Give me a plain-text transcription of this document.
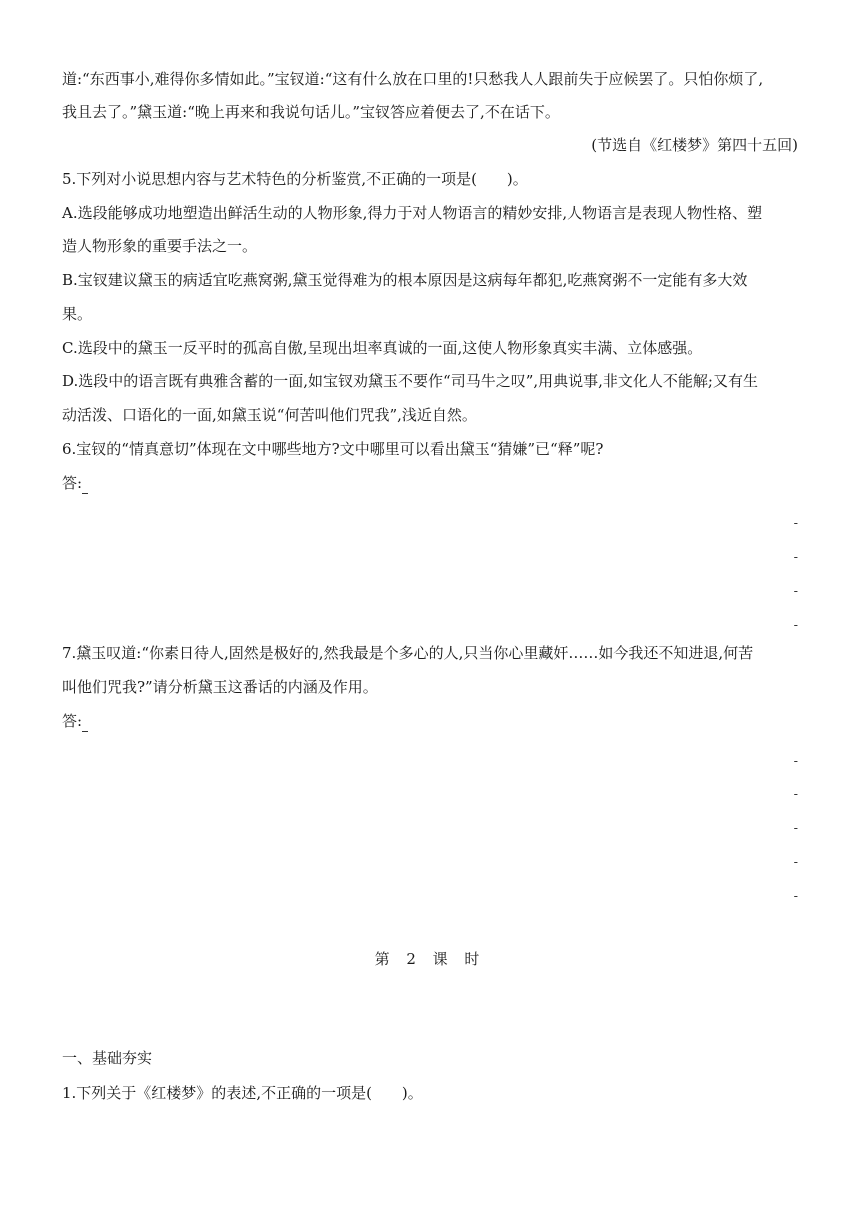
道:“东西事小,难得你多情如此。”宝钗道:“这有什么放在口里的!只愁我人人跟前失于应候罢了。只怕你烦了,
我且去了。”黛玉道:“晚上再来和我说句话儿。”宝钗答应着便去了,不在话下。
(节选自《红楼梦》第四十五回)
5.下列对小说思想内容与艺术特色的分析鉴赏,不正确的一项是(　　)。
A.选段能够成功地塑造出鲜活生动的人物形象,得力于对人物语言的精妙安排,人物语言是表现人物性格、塑
造人物形象的重要手法之一。
B.宝钗建议黛玉的病适宜吃燕窝粥,黛玉觉得难为的根本原因是这病每年都犯,吃燕窝粥不一定能有多大效
果。
C.选段中的黛玉一反平时的孤高自傲,呈现出坦率真诚的一面,这使人物形象真实丰满、立体感强。
D.选段中的语言既有典雅含蓄的一面,如宝钗劝黛玉不要作“司马牛之叹”,用典说事,非文化人不能解;又有生
动活泼、口语化的一面,如黛玉说“何苦叫他们咒我”,浅近自然。
6.宝钗的“情真意切”体现在文中哪些地方?文中哪里可以看出黛玉“猜嫌”已“释”呢?
答:
-
-
-
-
7.黛玉叹道:“你素日待人,固然是极好的,然我最是个多心的人,只当你心里藏奸……如今我还不知进退,何苦
叫他们咒我?”请分析黛玉这番话的内涵及作用。
答:
-
-
-
-
-
第 2 课 时
一、基础夯实
1.下列关于《红楼梦》的表述,不正确的一项是(　　)。
